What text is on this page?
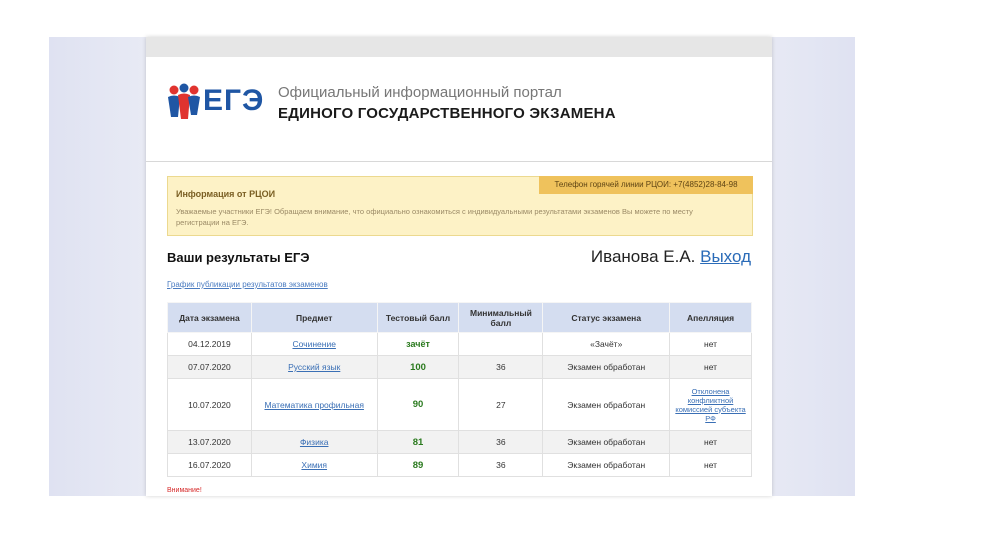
ЕГЭ Официальный информационный портал
ЕДИНОГО ГОСУДАРСТВЕННОГО ЭКЗАМЕНА
Информация от РЦОИ
Телефон горячей линии РЦОИ: +7(4852)28-84-98
Уважаемые участники ЕГЭ! Обращаем внимание, что официально ознакомиться с индивидуальными результатами экзаменов Вы можете по месту регистрации на ЕГЭ.
Ваши результаты ЕГЭ	Иванова Е.А. Выход
График публикации результатов экзаменов
Дата экзамена	Предмет	Тестовый балл	Минимальный балл	Статус экзамена	Апелляция
04.12.2019	Сочинение	зачёт		«Зачёт»	нет
07.07.2020	Русский язык	100	36	Экзамен обработан	нет
10.07.2020	Математика профильная	90	27	Экзамен обработан	Отклонена конфликтной комиссией субъекта РФ

13.07.2020	Физика	81	36	Экзамен обработан	нет
16.07.2020	Химия	89	36	Экзамен обработан	нет
Внимание!
